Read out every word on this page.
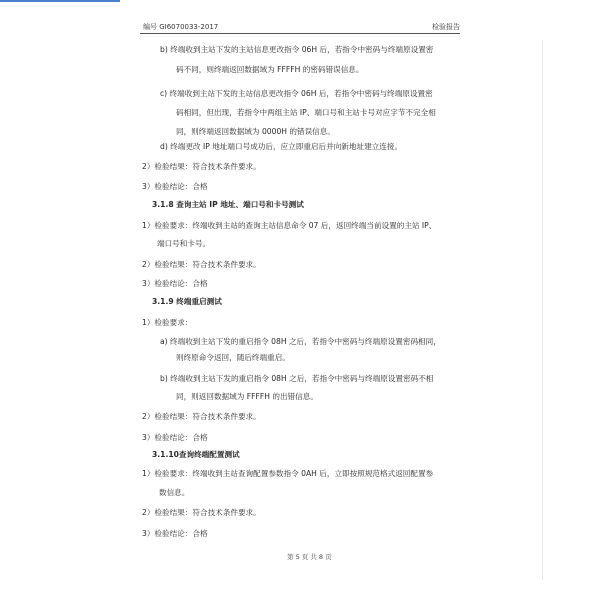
编号 GI6070033-2017	检验报告
b) 终端收到主站下发的主站信息更改指令 06H 后，若指令中密码与终端原设置密
码不同，则终端返回数据域为 FFFFH 的密码错误信息。
c) 终端收到主站下发的主站信息更改指令 06H 后，若指令中密码与终端原设置密
码相同，但出现，若指令中两组主站 IP、端口号和主站卡号对应字节不完全相
同，则终端返回数据域为 0000H 的错误信息。
d) 终端更改 IP 地址端口号成功后，应立即重启后并向新地址建立连接。
2）检验结果：符合技术条件要求。
3）检验结论：合格
3.1.8 查询主站 IP 地址、端口号和卡号测试
1）检验要求：终端收到主站的查询主站信息命令 07 后，返回终端当前设置的主站 IP、
端口号和卡号。
2）检验结果：符合技术条件要求。
3）检验结论：合格
3.1.9 终端重启测试
1）检验要求：
a) 终端收到主站下发的重启指令 08H 之后，若指令中密码与终端原设置密码相同，
则终原命令返回，随后终端重启。
b) 终端收到主站下发的重启指令 08H 之后，若指令中密码与终端原设置密码不相
同，则返回数据域为 FFFFH 的出错信息。
2）检验结果：符合技术条件要求。
3）检验结论：合格
3.1.10查询终端配置测试
1）检验要求：终端收到主站查询配置参数指令 0AH 后，立即按照规范格式返回配置参
数信息。
2）检验结果：符合技术条件要求。
3）检验结论：合格
第 5 页 共 8 页
